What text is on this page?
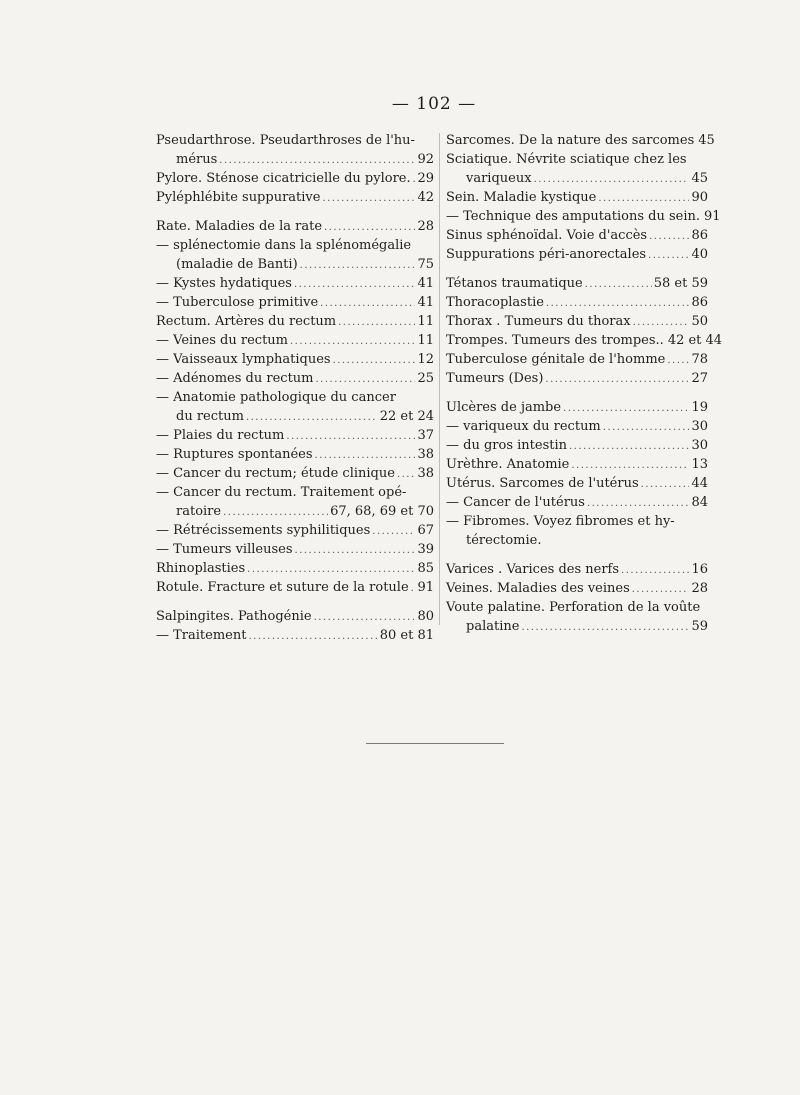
— 102 —
Pseudarthrose. Pseudarthroses de l'hu-
mérus .....	92
Pylore. Sténose cicatricielle du pylore. ..... 29
Pyléphlébite suppurative .....	42
Rate. Maladies de la rate .....	28
— splénectomie dans la splénomégalie
(maladie de Banti) .....	75
— Kystes hydatiques .....	41
— Tuberculose primitive .....	41
Rectum. Artères du rectum .....	11
— Veines du rectum .....	11
— Vaisseaux lymphatiques .....	12
— Adénomes du rectum .....	25
— Anatomie pathologique du cancer
du rectum .....	22 et 24
— Plaies du rectum .....	37
— Ruptures spontanées .....	38
— Cancer du rectum; étude clinique ..... 38
— Cancer du rectum. Traitement opé-
ratoire .....	67, 68, 69 et 70
— Rétrécissements syphilitiques .....	67
— Tumeurs villeuses .....	39
Rhinoplasties .....	85
Rotule. Fracture et suture de la rotule ..... 91
Salpingites. Pathogénie .....	80
— Traitement .....	80 et 81
Sarcomes. De la nature des sarcomes 45
Sciatique. Névrite sciatique chez les
variqueux .....	45
Sein. Maladie kystique .....	90
— Technique des amputations du sein. 91
Sinus sphénoïdal. Voie d'accès .....	86
Suppurations péri-anorectales .....	40
Tétanos traumatique .....	58 et 59
Thoracoplastie .....	86
Thorax . Tumeurs du thorax .....	50
Trompes. Tumeurs des trompes.. 42 et 44
Tuberculose génitale de l'homme ..... 78
Tumeurs (Des) .....	27
Ulcères de jambe .....	19
— variqueux du rectum .....	30
— du gros intestin .....	30
Urèthre. Anatomie .....	13
Utérus. Sarcomes de l'utérus .....	44
— Cancer de l'utérus .....	84
— Fibromes. Voyez fibromes et hy-
térectomie.
Varices . Varices des nerfs .....	16
Veines. Maladies des veines .....	28
Voute palatine. Perforation de la voûte
palatine .....	59
